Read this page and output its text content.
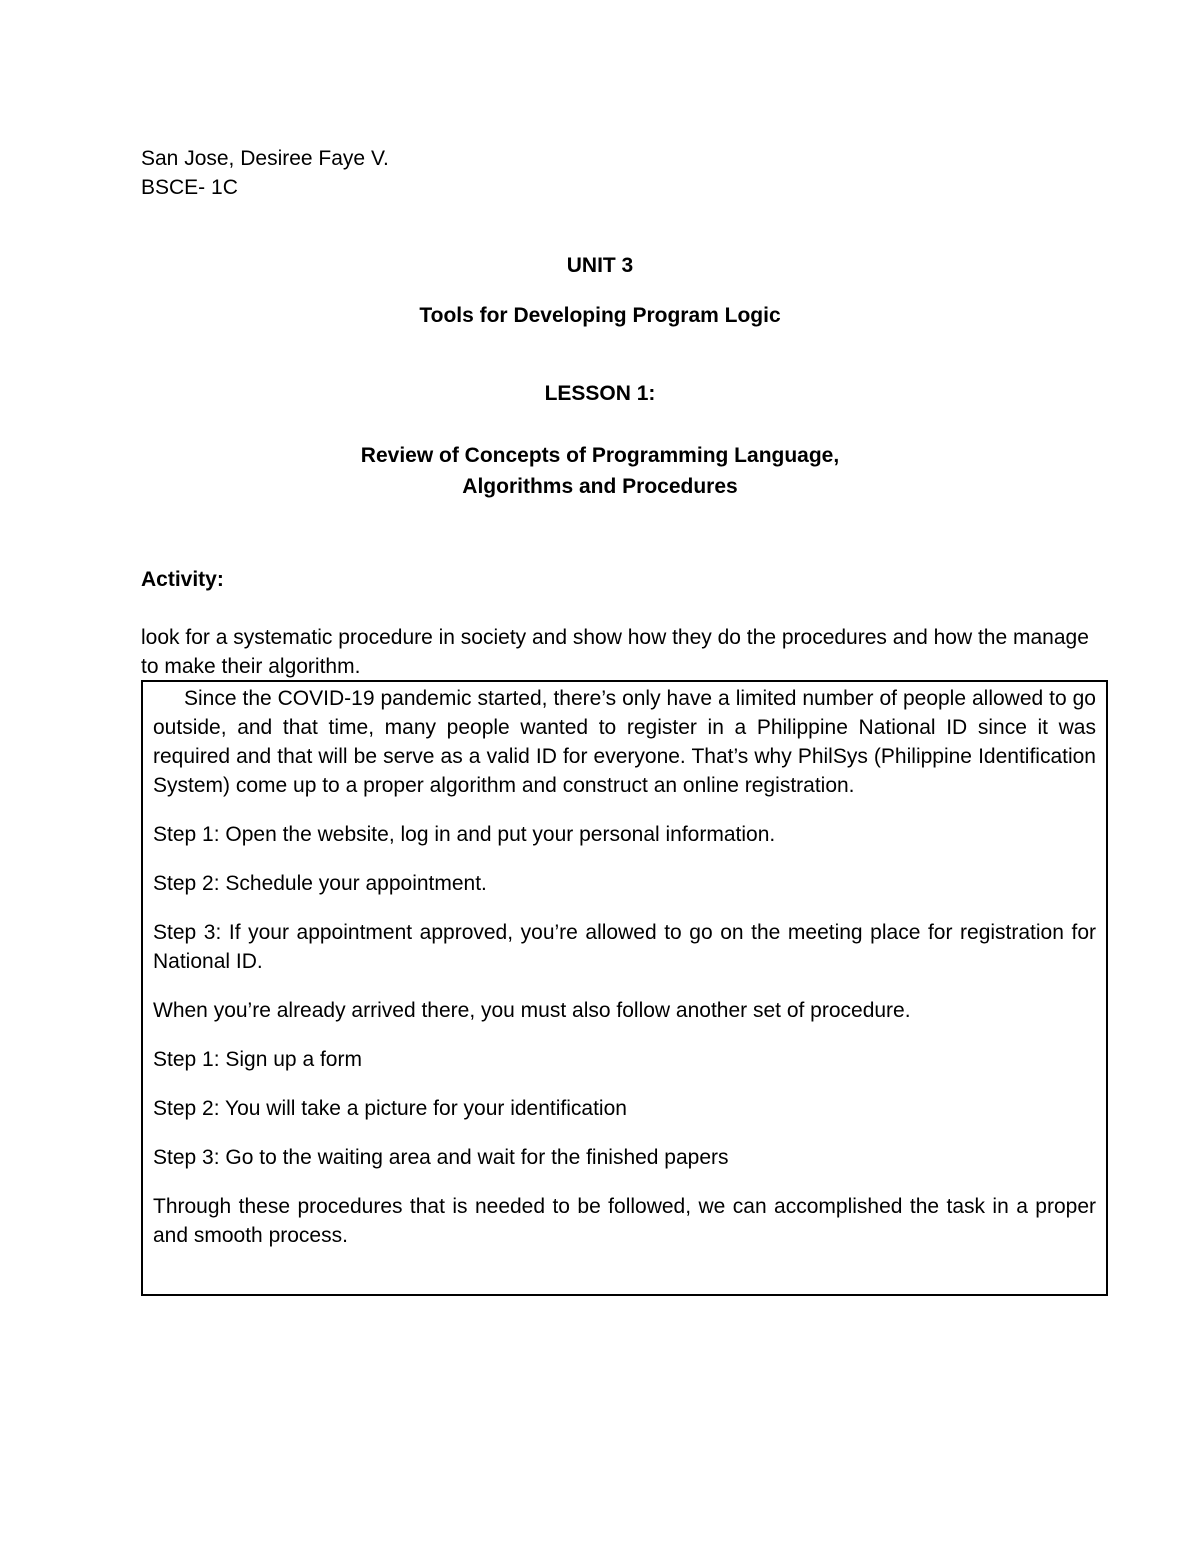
San Jose, Desiree Faye V.
BSCE- 1C
UNIT 3
Tools for Developing Program Logic
LESSON 1:
Review of Concepts of Programming Language,
Algorithms and Procedures
Activity:
look for a systematic procedure in society and show how they do the procedures and how the manage to make their algorithm.

Since the COVID-19 pandemic started, there’s only have a limited number of people allowed to go outside, and that time, many people wanted to register in a Philippine National ID since it was required and that will be serve as a valid ID for everyone. That’s why PhilSys (Philippine Identification System) come up to a proper algorithm and construct an online registration.

Step 1: Open the website, log in and put your personal information.

Step 2: Schedule your appointment.

Step 3: If your appointment approved, you’re allowed to go on the meeting place for registration for National ID.

When you’re already arrived there, you must also follow another set of procedure.

Step 1: Sign up a form

Step 2: You will take a picture for your identification

Step 3: Go to the waiting area and wait for the finished papers

Through these procedures that is needed to be followed, we can accomplished the task in a proper and smooth process.
